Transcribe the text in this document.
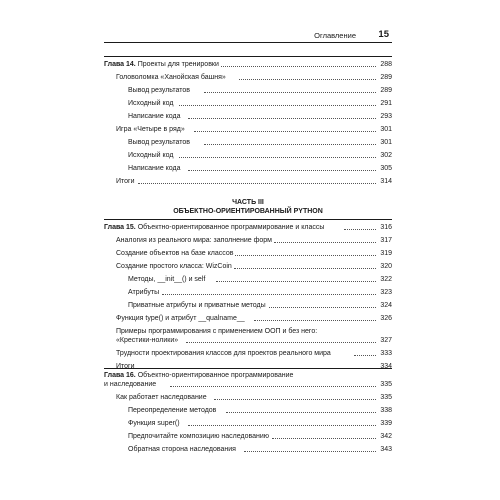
Оглавление 15
Глава 14. Проекты для тренировки	288
Головоломка «Ханойская башня»	289
Вывод результатов	289
Исходный код	291
Написание кода	293
Игра «Четыре в ряд»	301
Вывод результатов	301
Исходный код	302
Написание кода	305
Итоги	314
ЧАСТЬ III
ОБЪЕКТНО-ОРИЕНТИРОВАННЫЙ PYTHON
Глава 15. Объектно-ориентированное программирование и классы	316
Аналогия из реального мира: заполнение форм	317
Создание объектов на базе классов	319
Создание простого класса: WizCoin	320
Методы, __init__() и self	322
Атрибуты	323
Приватные атрибуты и приватные методы	324
Функция type() и атрибут __qualname__	326
Примеры программирования с применением ООП и без него:
«Крестики-нолики»	327
Трудности проектирования классов для проектов реального мира	333
Итоги	334
Глава 16. Объектно-ориентированное программирование
и наследование	335
Как работает наследование	335
Переопределение методов	338
Функция super()	339
Предпочитайте композицию наследованию	342
Обратная сторона наследования	343
